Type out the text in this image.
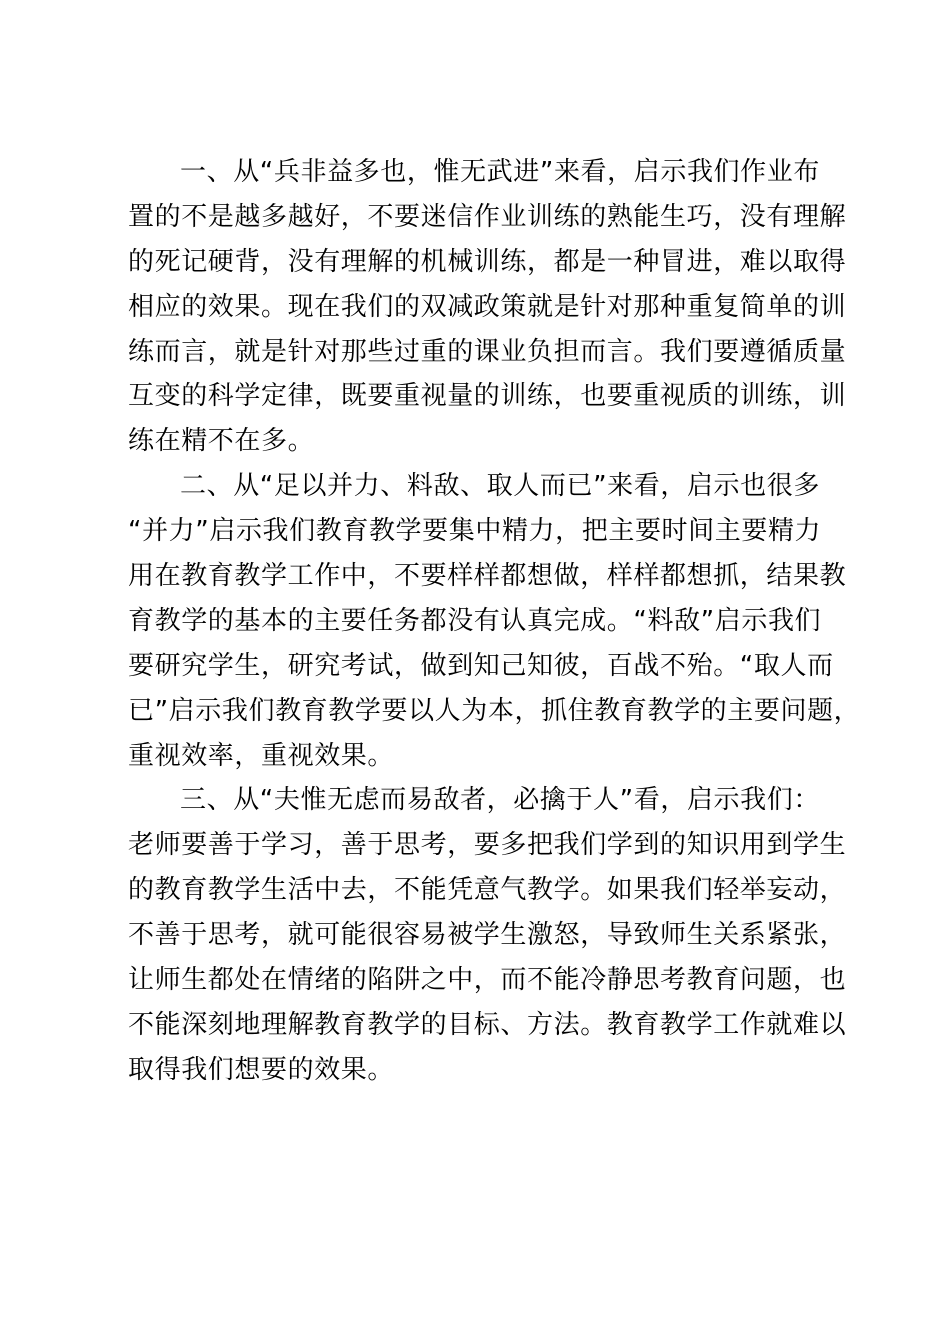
一、从“兵非益多也，惟无武进”来看，启示我们作业布
置的不是越多越好，不要迷信作业训练的熟能生巧，没有理解
的死记硬背，没有理解的机械训练，都是一种冒进，难以取得
相应的效果。现在我们的双减政策就是针对那种重复简单的训
练而言，就是针对那些过重的课业负担而言。我们要遵循质量
互变的科学定律，既要重视量的训练，也要重视质的训练，训
练在精不在多。
二、从“足以并力、料敌、取人而已”来看，启示也很多
“并力”启示我们教育教学要集中精力，把主要时间主要精力
用在教育教学工作中，不要样样都想做，样样都想抓，结果教
育教学的基本的主要任务都没有认真完成。“料敌”启示我们
要研究学生，研究考试，做到知己知彼，百战不殆。“取人而
已”启示我们教育教学要以人为本，抓住教育教学的主要问题，
重视效率，重视效果。
三、从“夫惟无虑而易敌者，必擒于人”看，启示我们：
老师要善于学习，善于思考，要多把我们学到的知识用到学生
的教育教学生活中去，不能凭意气教学。如果我们轻举妄动，
不善于思考，就可能很容易被学生激怒，导致师生关系紧张，
让师生都处在情绪的陷阱之中，而不能冷静思考教育问题，也
不能深刻地理解教育教学的目标、方法。教育教学工作就难以
取得我们想要的效果。
